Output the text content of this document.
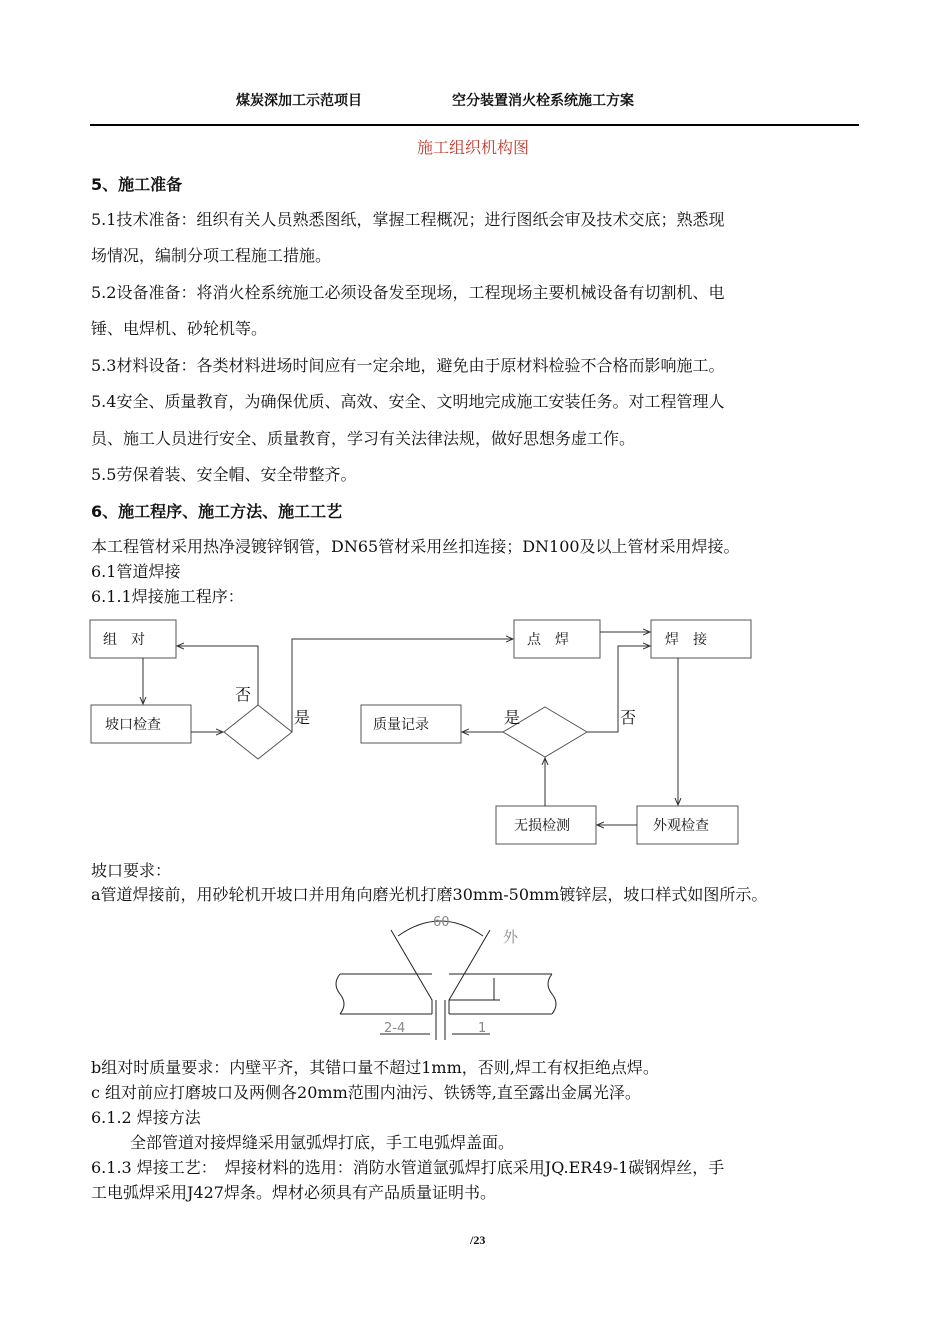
煤炭深加工示范项目	空分装置消火栓系统施工方案
施工组织机构图
5、施工准备
5.1技术准备：组织有关人员熟悉图纸，掌握工程概况；进行图纸会审及技术交底；熟悉现
场情况，编制分项工程施工措施。
5.2设备准备：将消火栓系统施工必须设备发至现场，工程现场主要机械设备有切割机、电
锤、电焊机、砂轮机等。
5.3材料设备：各类材料进场时间应有一定余地，避免由于原材料检验不合格而影响施工。
5.4安全、质量教育，为确保优质、高效、安全、文明地完成施工安装任务。对工程管理人
员、施工人员进行安全、质量教育，学习有关法律法规，做好思想务虚工作。
5.5劳保着装、安全帽、安全带整齐。
6、施工程序、施工方法、施工工艺
本工程管材采用热净浸镀锌钢管，DN65管材采用丝扣连接；DN100及以上管材采用焊接。
6.1管道焊接
6.1.1焊接施工程序：
组　对
坡口检查
点　焊	焊　接
质量记录
无损检测	外观检查
否
是	是	否
坡口要求：
a管道焊接前，用砂轮机开坡口并用角向磨光机打磨30mm-50mm镀锌层，坡口样式如图所示。
60
外
2-4	1
b组对时质量要求：内壁平齐，其错口量不超过1mm，否则,焊工有权拒绝点焊。
c 组对前应打磨坡口及两侧各20mm范围内油污、铁锈等,直至露出金属光泽。
6.1.2 焊接方法
全部管道对接焊缝采用氩弧焊打底，手工电弧焊盖面。
6.1.3 焊接工艺：　焊接材料的选用：消防水管道氩弧焊打底采用JQ.ER49-1碳钢焊丝，手
工电弧焊采用J427焊条。焊材必须具有产品质量证明书。
/23
